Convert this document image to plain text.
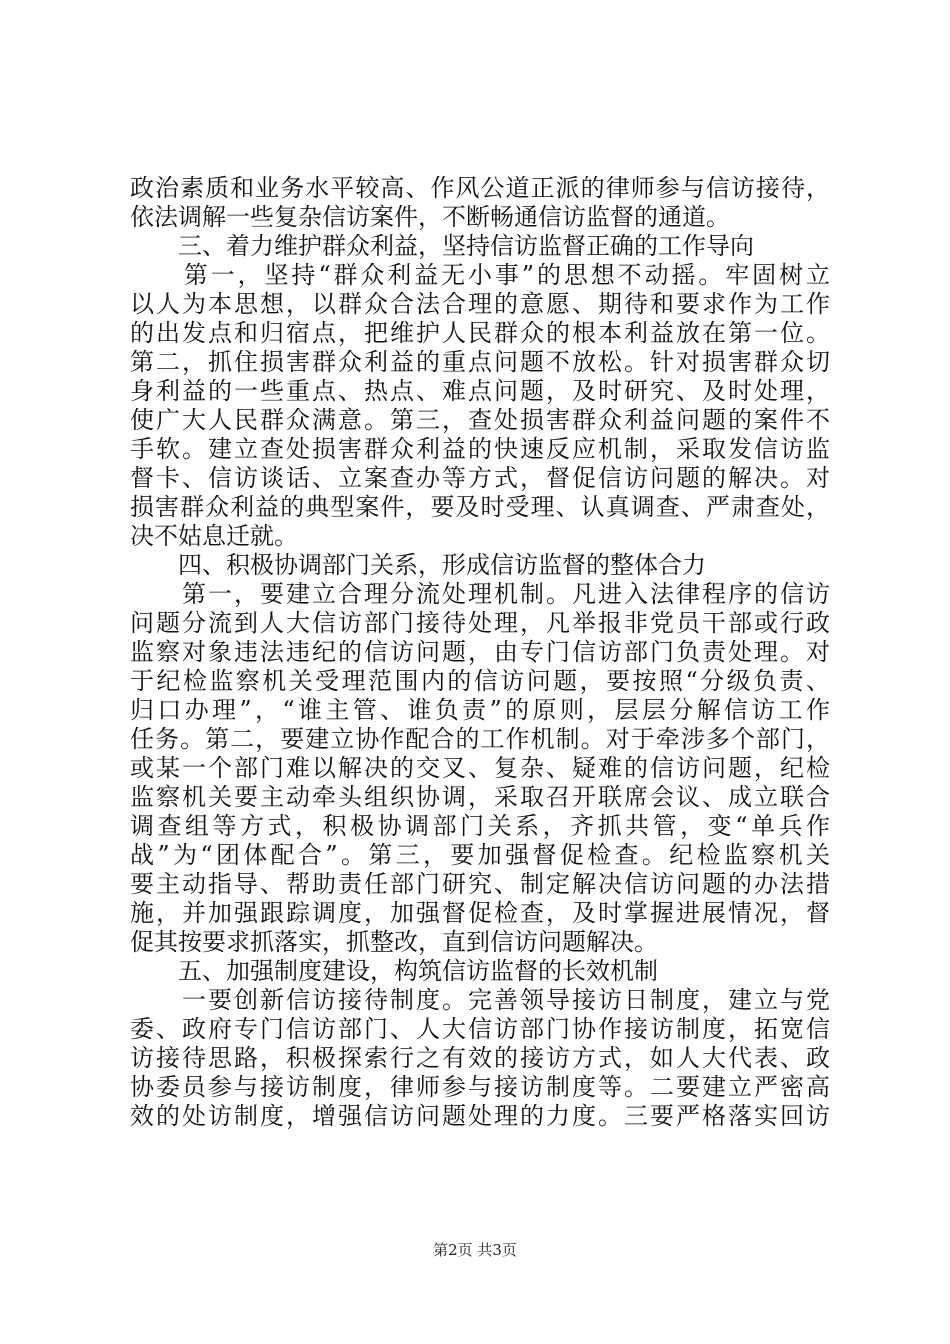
政治素质和业务水平较高、作风公道正派的律师参与信访接待，
依法调解一些复杂信访案件，不断畅通信访监督的通道。
　　三、着力维护群众利益，坚持信访监督正确的工作导向
　　第一，坚持“群众利益无小事”的思想不动摇。牢固树立
以人为本思想，以群众合法合理的意愿、期待和要求作为工作
的出发点和归宿点，把维护人民群众的根本利益放在第一位。
第二，抓住损害群众利益的重点问题不放松。针对损害群众切
身利益的一些重点、热点、难点问题，及时研究、及时处理，
使广大人民群众满意。第三，查处损害群众利益问题的案件不
手软。建立查处损害群众利益的快速反应机制，采取发信访监
督卡、信访谈话、立案查办等方式，督促信访问题的解决。对
损害群众利益的典型案件，要及时受理、认真调查、严肃查处，
决不姑息迁就。
　　四、积极协调部门关系，形成信访监督的整体合力
　　第一，要建立合理分流处理机制。凡进入法律程序的信访
问题分流到人大信访部门接待处理，凡举报非党员干部或行政
监察对象违法违纪的信访问题，由专门信访部门负责处理。对
于纪检监察机关受理范围内的信访问题，要按照“分级负责、
归口办理”，“谁主管、谁负责”的原则，层层分解信访工作
任务。第二，要建立协作配合的工作机制。对于牵涉多个部门，
或某一个部门难以解决的交叉、复杂、疑难的信访问题，纪检
监察机关要主动牵头组织协调，采取召开联席会议、成立联合
调查组等方式，积极协调部门关系，齐抓共管，变“单兵作
战”为“团体配合”。第三，要加强督促检查。纪检监察机关
要主动指导、帮助责任部门研究、制定解决信访问题的办法措
施，并加强跟踪调度，加强督促检查，及时掌握进展情况，督
促其按要求抓落实，抓整改，直到信访问题解决。
　　五、加强制度建设，构筑信访监督的长效机制
　　一要创新信访接待制度。完善领导接访日制度，建立与党
委、政府专门信访部门、人大信访部门协作接访制度，拓宽信
访接待思路，积极探索行之有效的接访方式，如人大代表、政
协委员参与接访制度，律师参与接访制度等。二要建立严密高
效的处访制度，增强信访问题处理的力度。三要严格落实回访
第2页 共3页
